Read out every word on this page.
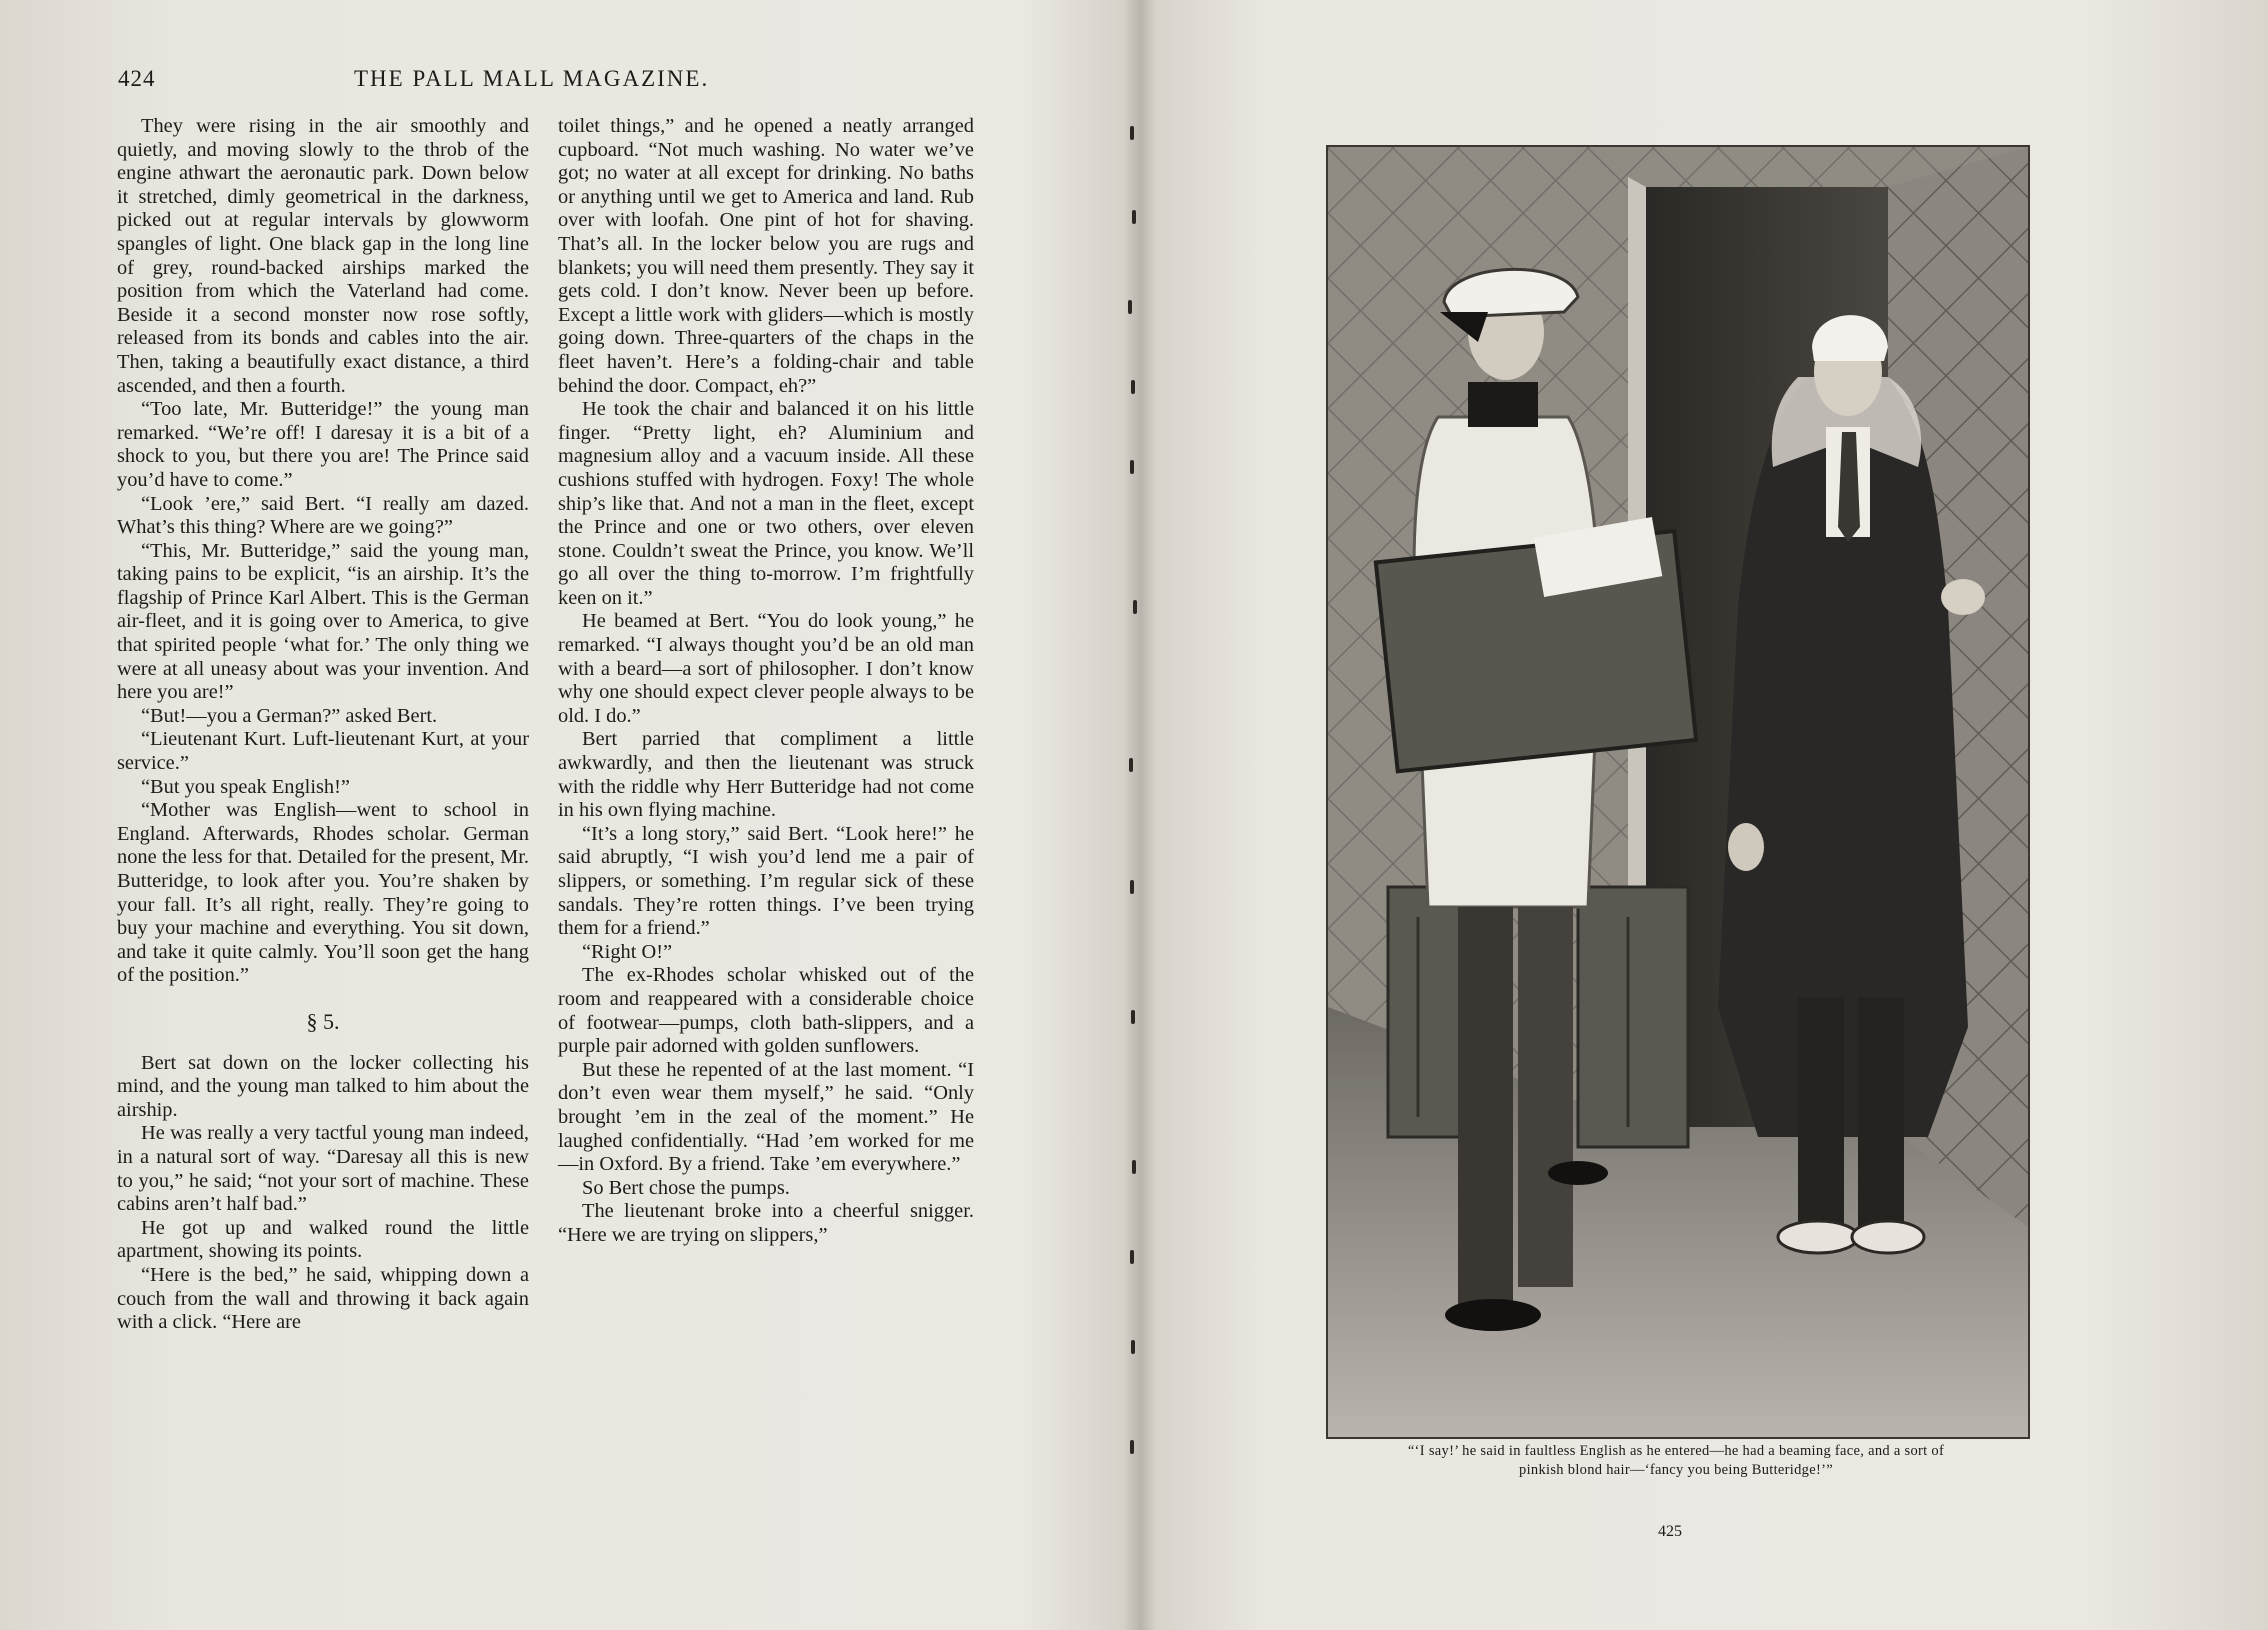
424	THE PALL MALL MAGAZINE.

They were rising in the air smoothly and quietly, and moving slowly to the throb of the engine athwart the aeronautic park. Down below it stretched, dimly geometrical in the darkness, picked out at regular intervals by glowworm spangles of light. One black gap in the long line of grey, round-backed airships marked the position from which the Vaterland had come. Beside it a second monster now rose softly, released from its bonds and cables into the air. Then, taking a beautifully exact distance, a third ascended, and then a fourth.

“Too late, Mr. Butteridge!” the young man remarked. “We’re off! I daresay it is a bit of a shock to you, but there you are! The Prince said you’d have to come.”

“Look ’ere,” said Bert. “I really am dazed. What’s this thing? Where are we going?”

“This, Mr. Butteridge,” said the young man, taking pains to be explicit, “is an airship. It’s the flagship of Prince Karl Albert. This is the German air-fleet, and it is going over to America, to give that spirited people ‘what for.’ The only thing we were at all uneasy about was your invention. And here you are!”

“But!—you a German?” asked Bert.

“Lieutenant Kurt. Luft-lieutenant Kurt, at your service.”

“But you speak English!”

“Mother was English—went to school in England. Afterwards, Rhodes scholar. German none the less for that. Detailed for the present, Mr. Butteridge, to look after you. You’re shaken by your fall. It’s all right, really. They’re going to buy your machine and everything. You sit down, and take it quite calmly. You’ll soon get the hang of the position.”

§ 5.

Bert sat down on the locker collecting his mind, and the young man talked to him about the airship.

He was really a very tactful young man indeed, in a natural sort of way. “Daresay all this is new to you,” he said; “not your sort of machine. These cabins aren’t half bad.”

He got up and walked round the little apartment, showing its points.

“Here is the bed,” he said, whipping down a couch from the wall and throwing it back again with a click. “Here are

toilet things,” and he opened a neatly arranged cupboard. “Not much washing. No water we’ve got; no water at all except for drinking. No baths or anything until we get to America and land. Rub over with loofah. One pint of hot for shaving. That’s all. In the locker below you are rugs and blankets; you will need them presently. They say it gets cold. I don’t know. Never been up before. Except a little work with gliders—which is mostly going down. Three-quarters of the chaps in the fleet haven’t. Here’s a folding-chair and table behind the door. Compact, eh?”

He took the chair and balanced it on his little finger. “Pretty light, eh? Aluminium and magnesium alloy and a vacuum inside. All these cushions stuffed with hydrogen. Foxy! The whole ship’s like that. And not a man in the fleet, except the Prince and one or two others, over eleven stone. Couldn’t sweat the Prince, you know. We’ll go all over the thing to-morrow. I’m frightfully keen on it.”

He beamed at Bert. “You do look young,” he remarked. “I always thought you’d be an old man with a beard—a sort of philosopher. I don’t know why one should expect clever people always to be old. I do.”

Bert parried that compliment a little awkwardly, and then the lieutenant was struck with the riddle why Herr Butteridge had not come in his own flying machine.

“It’s a long story,” said Bert. “Look here!” he said abruptly, “I wish you’d lend me a pair of slippers, or something. I’m regular sick of these sandals. They’re rotten things. I’ve been trying them for a friend.”

“Right O!”

The ex-Rhodes scholar whisked out of the room and reappeared with a considerable choice of footwear—pumps, cloth bath-slippers, and a purple pair adorned with golden sunflowers.

But these he repented of at the last moment. “I don’t even wear them myself,” he said. “Only brought ’em in the zeal of the moment.” He laughed confidentially. “Had ’em worked for me—in Oxford. By a friend. Take ’em everywhere.”

So Bert chose the pumps.

The lieutenant broke into a cheerful snigger. “Here we are trying on slippers,”

“‘I say!’ he said in faultless English as he entered—he had a beaming face, and a sort of
pinkish blond hair—‘fancy you being Butteridge!’”
425
